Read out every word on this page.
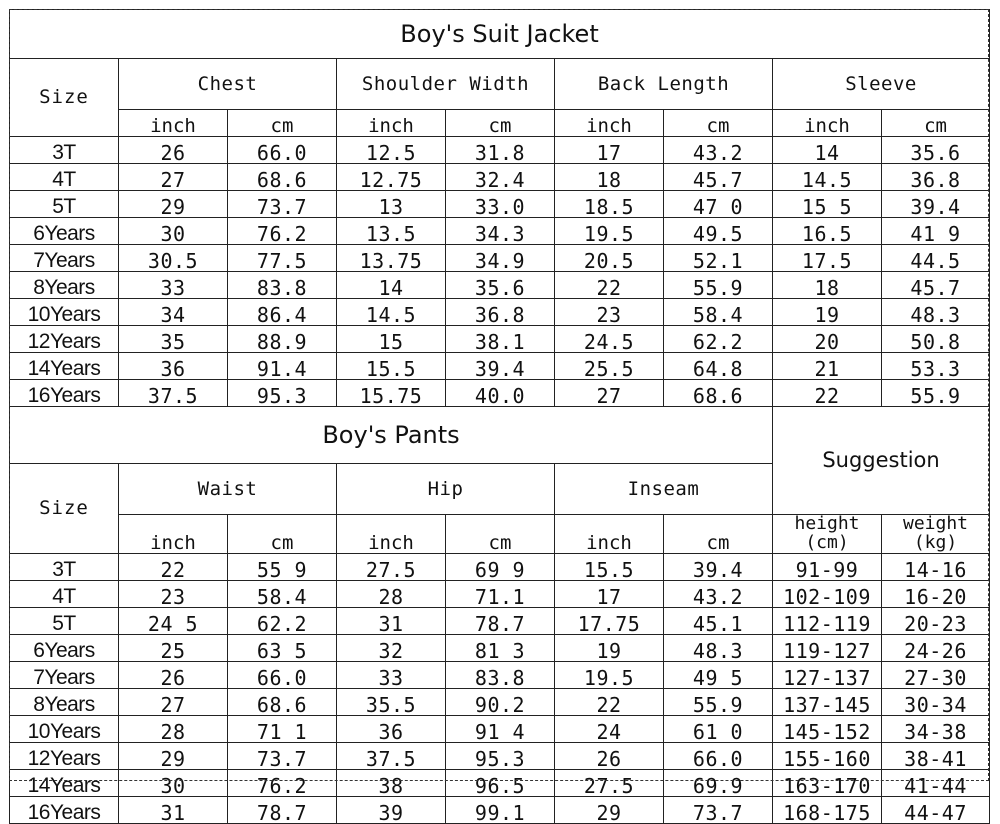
Boy's Suit Jacket								
Size	Chest		Shoulder Width		Back Length		Sleeve	
	inch	cm	inch	cm	inch	cm	inch	cm
3T	26	66.0	12.5	31.8	17	43.2	14	35.6
4T	27	68.6	12.75	32.4	18	45.7	14.5	36.8
5T	29	73.7	13	33.0	18.5	47 0	15 5	39.4
6Years	30	76.2	13.5	34.3	19.5	49.5	16.5	41 9
7Years	30.5	77.5	13.75	34.9	20.5	52.1	17.5	44.5
8Years	33	83.8	14	35.6	22	55.9	18	45.7
10Years	34	86.4	14.5	36.8	23	58.4	19	48.3
12Years	35	88.9	15	38.1	24.5	62.2	20	50.8
14Years	36	91.4	15.5	39.4	25.5	64.8	21	53.3
16Years	37.5	95.3	15.75	40.0	27	68.6	22	55.9
Boy's Pants							Suggestion	
Size	Waist		Hip		Inseam			
	inch	cm	inch	cm	inch	cm	height (cm)	weight (kg)
3T	22	55 9	27.5	69 9	15.5	39.4	91-99	14-16
4T	23	58.4	28	71.1	17	43.2	102-109	16-20
5T	24 5	62.2	31	78.7	17.75	45.1	112-119	20-23
6Years	25	63 5	32	81 3	19	48.3	119-127	24-26
7Years	26	66.0	33	83.8	19.5	49 5	127-137	27-30
8Years	27	68.6	35.5	90.2	22	55.9	137-145	30-34
10Years	28	71 1	36	91 4	24	61 0	145-152	34-38
12Years	29	73.7	37.5	95.3	26	66.0	155-160	38-41
14Years	30	76.2	38	96.5	27.5	69.9	163-170	41-44
16Years	31	78.7	39	99.1	29	73.7	168-175	44-47
